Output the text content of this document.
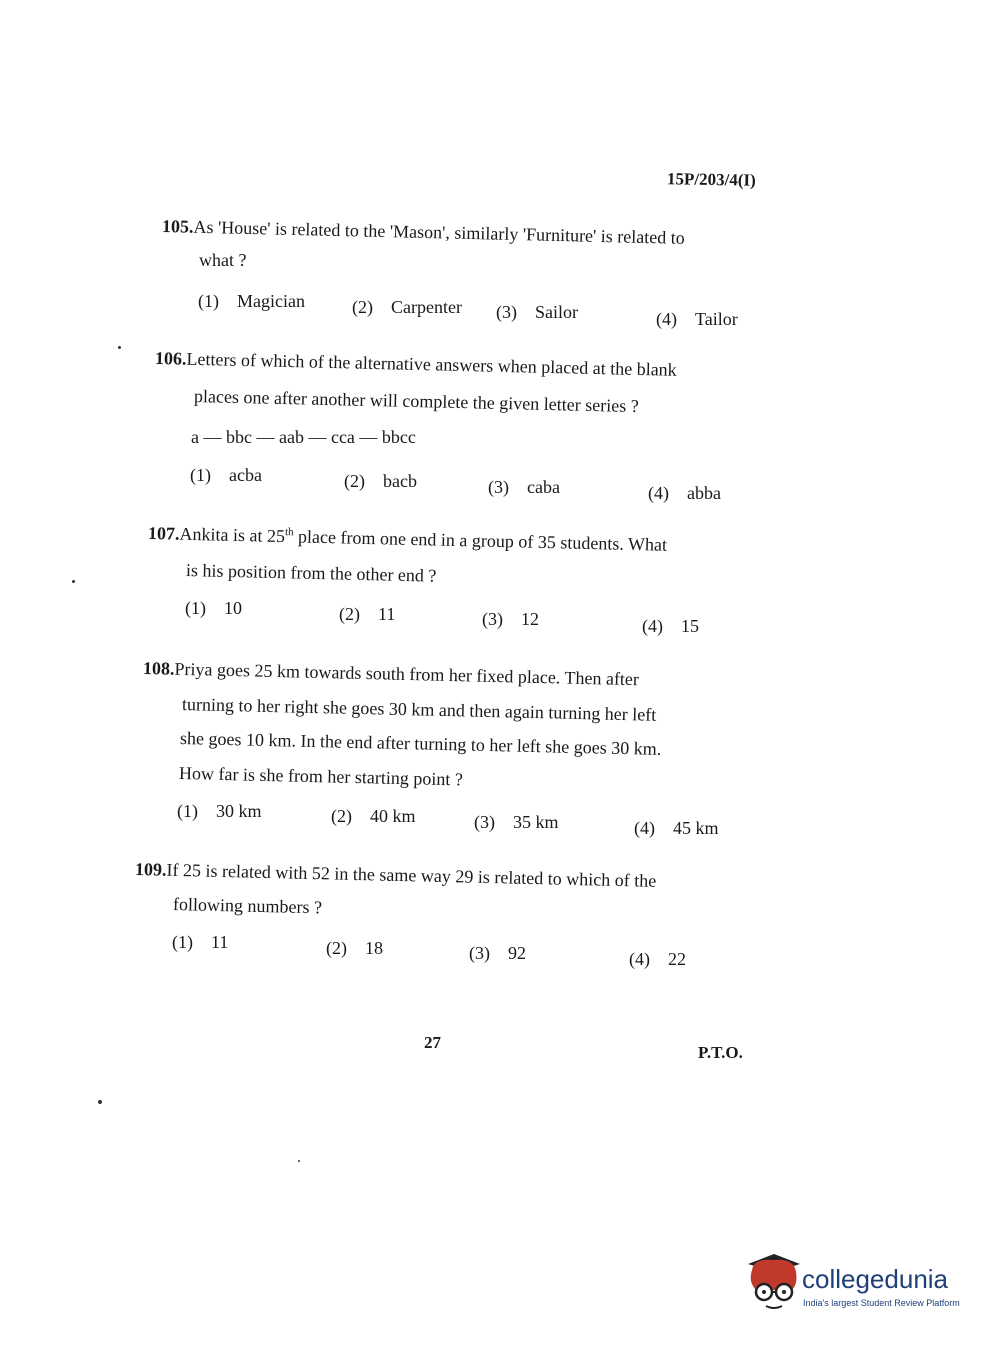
15P/203/4(I)
105.As 'House' is related to the 'Mason', similarly 'Furniture' is related to
what ?
(1) Magician	(2) Carpenter (3) Sailor	(4) Tailor
106.Letters of which of the alternative answers when placed at the blank
places one after another will complete the given letter series ?
a — bbc — aab — cca — bbcc
(1) acba	(2) bacb	(3) caba	(4) abba
107.Ankita is at 25th place from one end in a group of 35 students. What
is his position from the other end ?
(1) 10	(2) 11	(3) 12	(4) 15
108.Priya goes 25 km towards south from her fixed place. Then after
turning to her right she goes 30 km and then again turning her left
she goes 10 km. In the end after turning to her left she goes 30 km.
How far is she from her starting point ?
(1) 30 km	(2) 40 km	(3) 35 km	(4) 45 km
109.If 25 is related with 52 in the same way 29 is related to which of the
following numbers ?
(1) 11	(2) 18	(3) 92	(4) 22
27
P.T.O.
collegedunia
India's largest Student Review Platform
